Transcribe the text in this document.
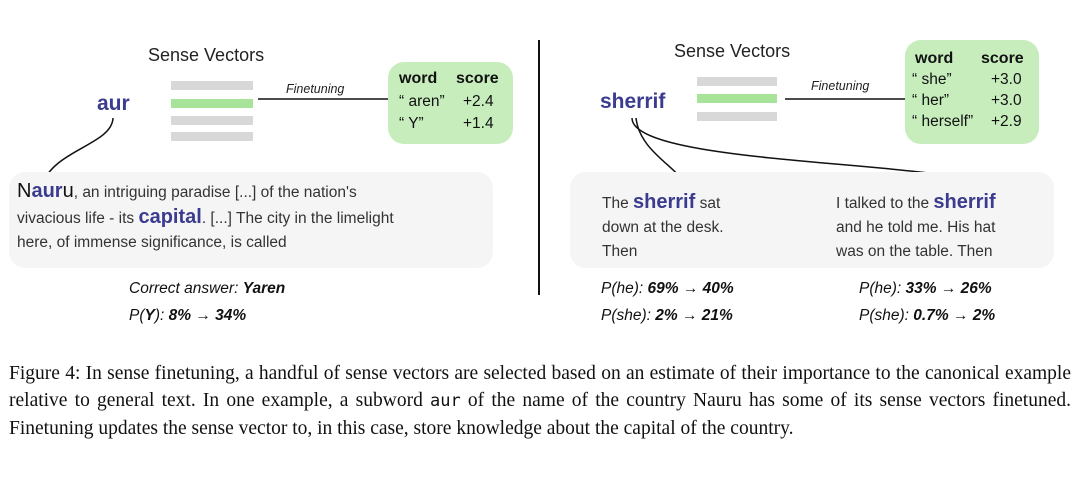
Sense Vectors
Finetuning
aur
word score
“ aren” +2.4
“ Y”	+1.4
Nauru, an intriguing paradise [...] of the nation's
vivacious life - its capital. [...] The city in the limelight
here, of immense significance, is called
Correct answer: Yaren
P(Y): 8% → 34%
Sense Vectors
Finetuning
sherrif
word score
“ she”	+3.0
“ her”	+3.0
“ herself” +2.9
The sherrif sat
down at the desk.
Then
I talked to the sherrif
and he told me. His hat
was on the table. Then
P(he): 69% → 40%
P(she): 2% → 21%
P(he): 33% → 26%
P(she): 0.7% → 2%
Figure 4: In sense finetuning, a handful of sense vectors are selected based on an estimate of their importance to the canonical example relative to general text. In one example, a subword aur of the name of the country Nauru has some of its sense vectors finetuned. Finetuning updates the sense vector to, in this case, store knowledge about the capital of the country.
